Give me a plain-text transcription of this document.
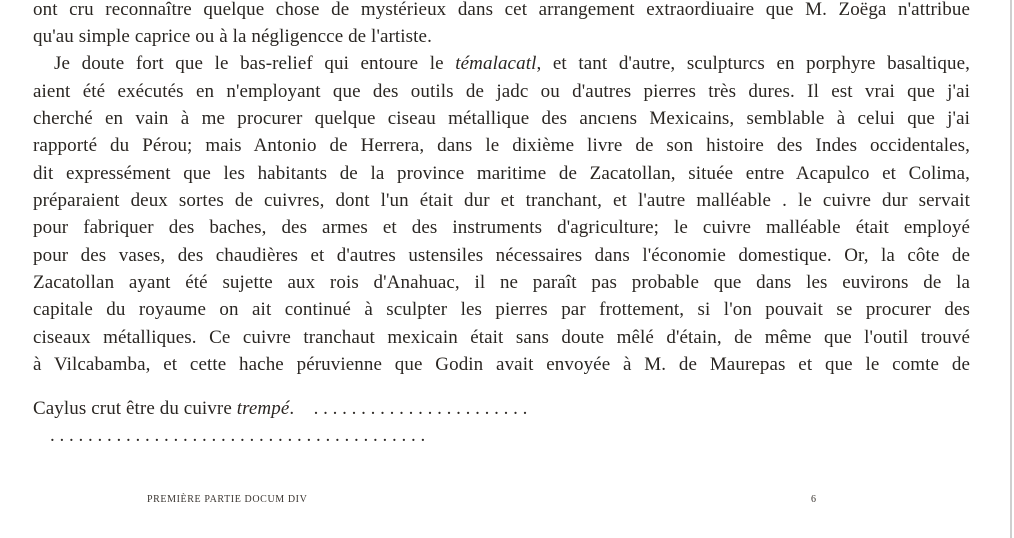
ont cru reconnaître quelque chose de mystérieux dans cet arrangement extraordiuaire que M. Zoëga n'attribue
qu'au simple caprice ou à la négligencce de l'artiste.
Je doute fort que le bas-relief qui entoure le témalacatl, et tant d'autre, sculpturcs en porphyre basaltique,
aient été exécutés en n'employant que des outils de jadc ou d'autres pierres très dures. Il est vrai que j'ai
cherché en vain à me procurer quelque ciseau métallique des ancıens Mexicains, semblable à celui que j'ai
rapporté du Pérou; mais Antonio de Herrera, dans le dixième livre de son histoire des Indes occidentales,
dit expressément que les habitants de la province maritime de Zacatollan, située entre Acapulco et Colima,
préparaient deux sortes de cuivres, dont l'un était dur et tranchant, et l'autre malléable . le cuivre dur servait
pour fabriquer des baches, des armes et des instruments d'agriculture; le cuivre malléable était employé
pour des vases, des chaudières et d'autres ustensiles nécessaires dans l'économie domestique. Or, la côte de
Zacatollan ayant été sujette aux rois d'Anahuac, il ne paraît pas probable que dans les euvirons de la
capitale du royaume on ait continué à sculpter les pierres par frottement, si l'on pouvait se procurer des
ciseaux métalliques. Ce cuivre tranchaut mexicain était sans doute mêlé d'étain, de même que l'outil trouvé
à Vilcabamba, et cette hache péruvienne que Godin avait envoyée à M. de Maurepas et que le comte de
Caylus crut être du cuivre trempé. . . . . . . . . . . . . . . . . . . . . . . .
. . . . . . . . . . . . . . . . . . . . . . . . . . . . . . . . . . . . . . . .
PREMIÈRE PARTIE DOCUM DIV	6
